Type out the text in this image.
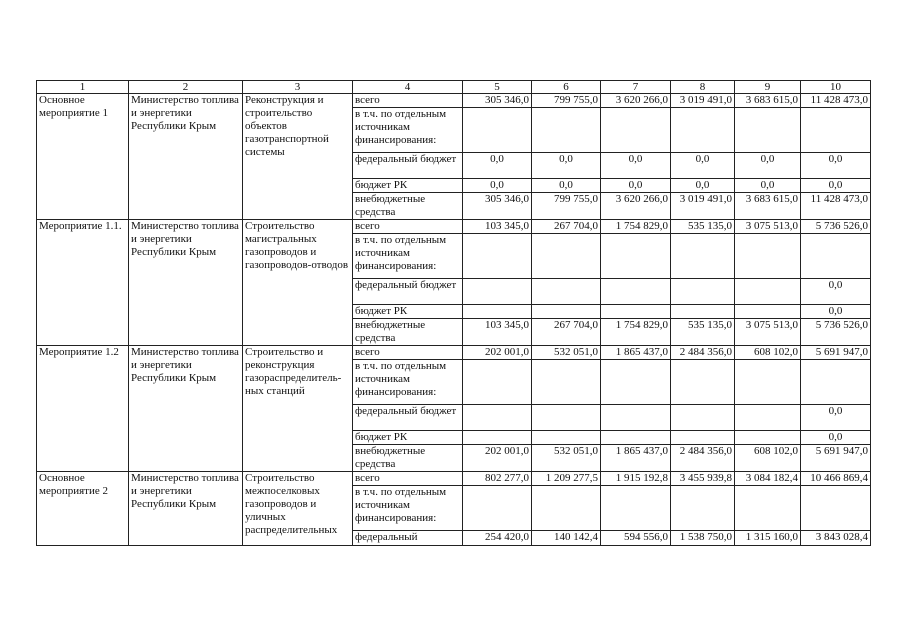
1	2	3	4	5	6	7	8	9	10
Основное мероприятие 1	Министерство топлива и энергетики Республики Крым	Реконструкция и строительство объектов газотранспортной системы	всего	305 346,0	799 755,0	3 620 266,0	3 019 491,0	3 683 615,0	11 428 473,0
			в т.ч. по отдельным источникам финансирования:						
			федеральный бюджет	0,0	0,0	0,0	0,0	0,0	0,0
			бюджет РК	0,0	0,0	0,0	0,0	0,0	0,0
			внебюджетные средства	305 346,0	799 755,0	3 620 266,0	3 019 491,0	3 683 615,0	11 428 473,0
Мероприятие 1.1.	Министерство топлива и энергетики Республики Крым	Строительство магистральных газопроводов и газопроводов-отводов	всего	103 345,0	267 704,0	1 754 829,0	535 135,0	3 075 513,0	5 736 526,0
			в т.ч. по отдельным источникам финансирования:						
			федеральный бюджет						0,0
			бюджет РК						0,0
			внебюджетные средства	103 345,0	267 704,0	1 754 829,0	535 135,0	3 075 513,0	5 736 526,0
Мероприятие 1.2	Министерство топлива и энергетики Республики Крым	Строительство и реконструкция газораспределитель-ных станций	всего	202 001,0	532 051,0	1 865 437,0	2 484 356,0	608 102,0	5 691 947,0
			в т.ч. по отдельным источникам финансирования:						
			федеральный бюджет						0,0
			бюджет РК						0,0
			внебюджетные средства	202 001,0	532 051,0	1 865 437,0	2 484 356,0	608 102,0	5 691 947,0
Основное мероприятие 2	Министерство топлива и энергетики Республики Крым	Строительство межпоселковых газопроводов и уличных распределительных	всего	802 277,0	1 209 277,5	1 915 192,8	3 455 939,8	3 084 182,4	10 466 869,4
			в т.ч. по отдельным источникам финансирования:						
			федеральный	254 420,0	140 142,4	594 556,0	1 538 750,0	1 315 160,0	3 843 028,4
